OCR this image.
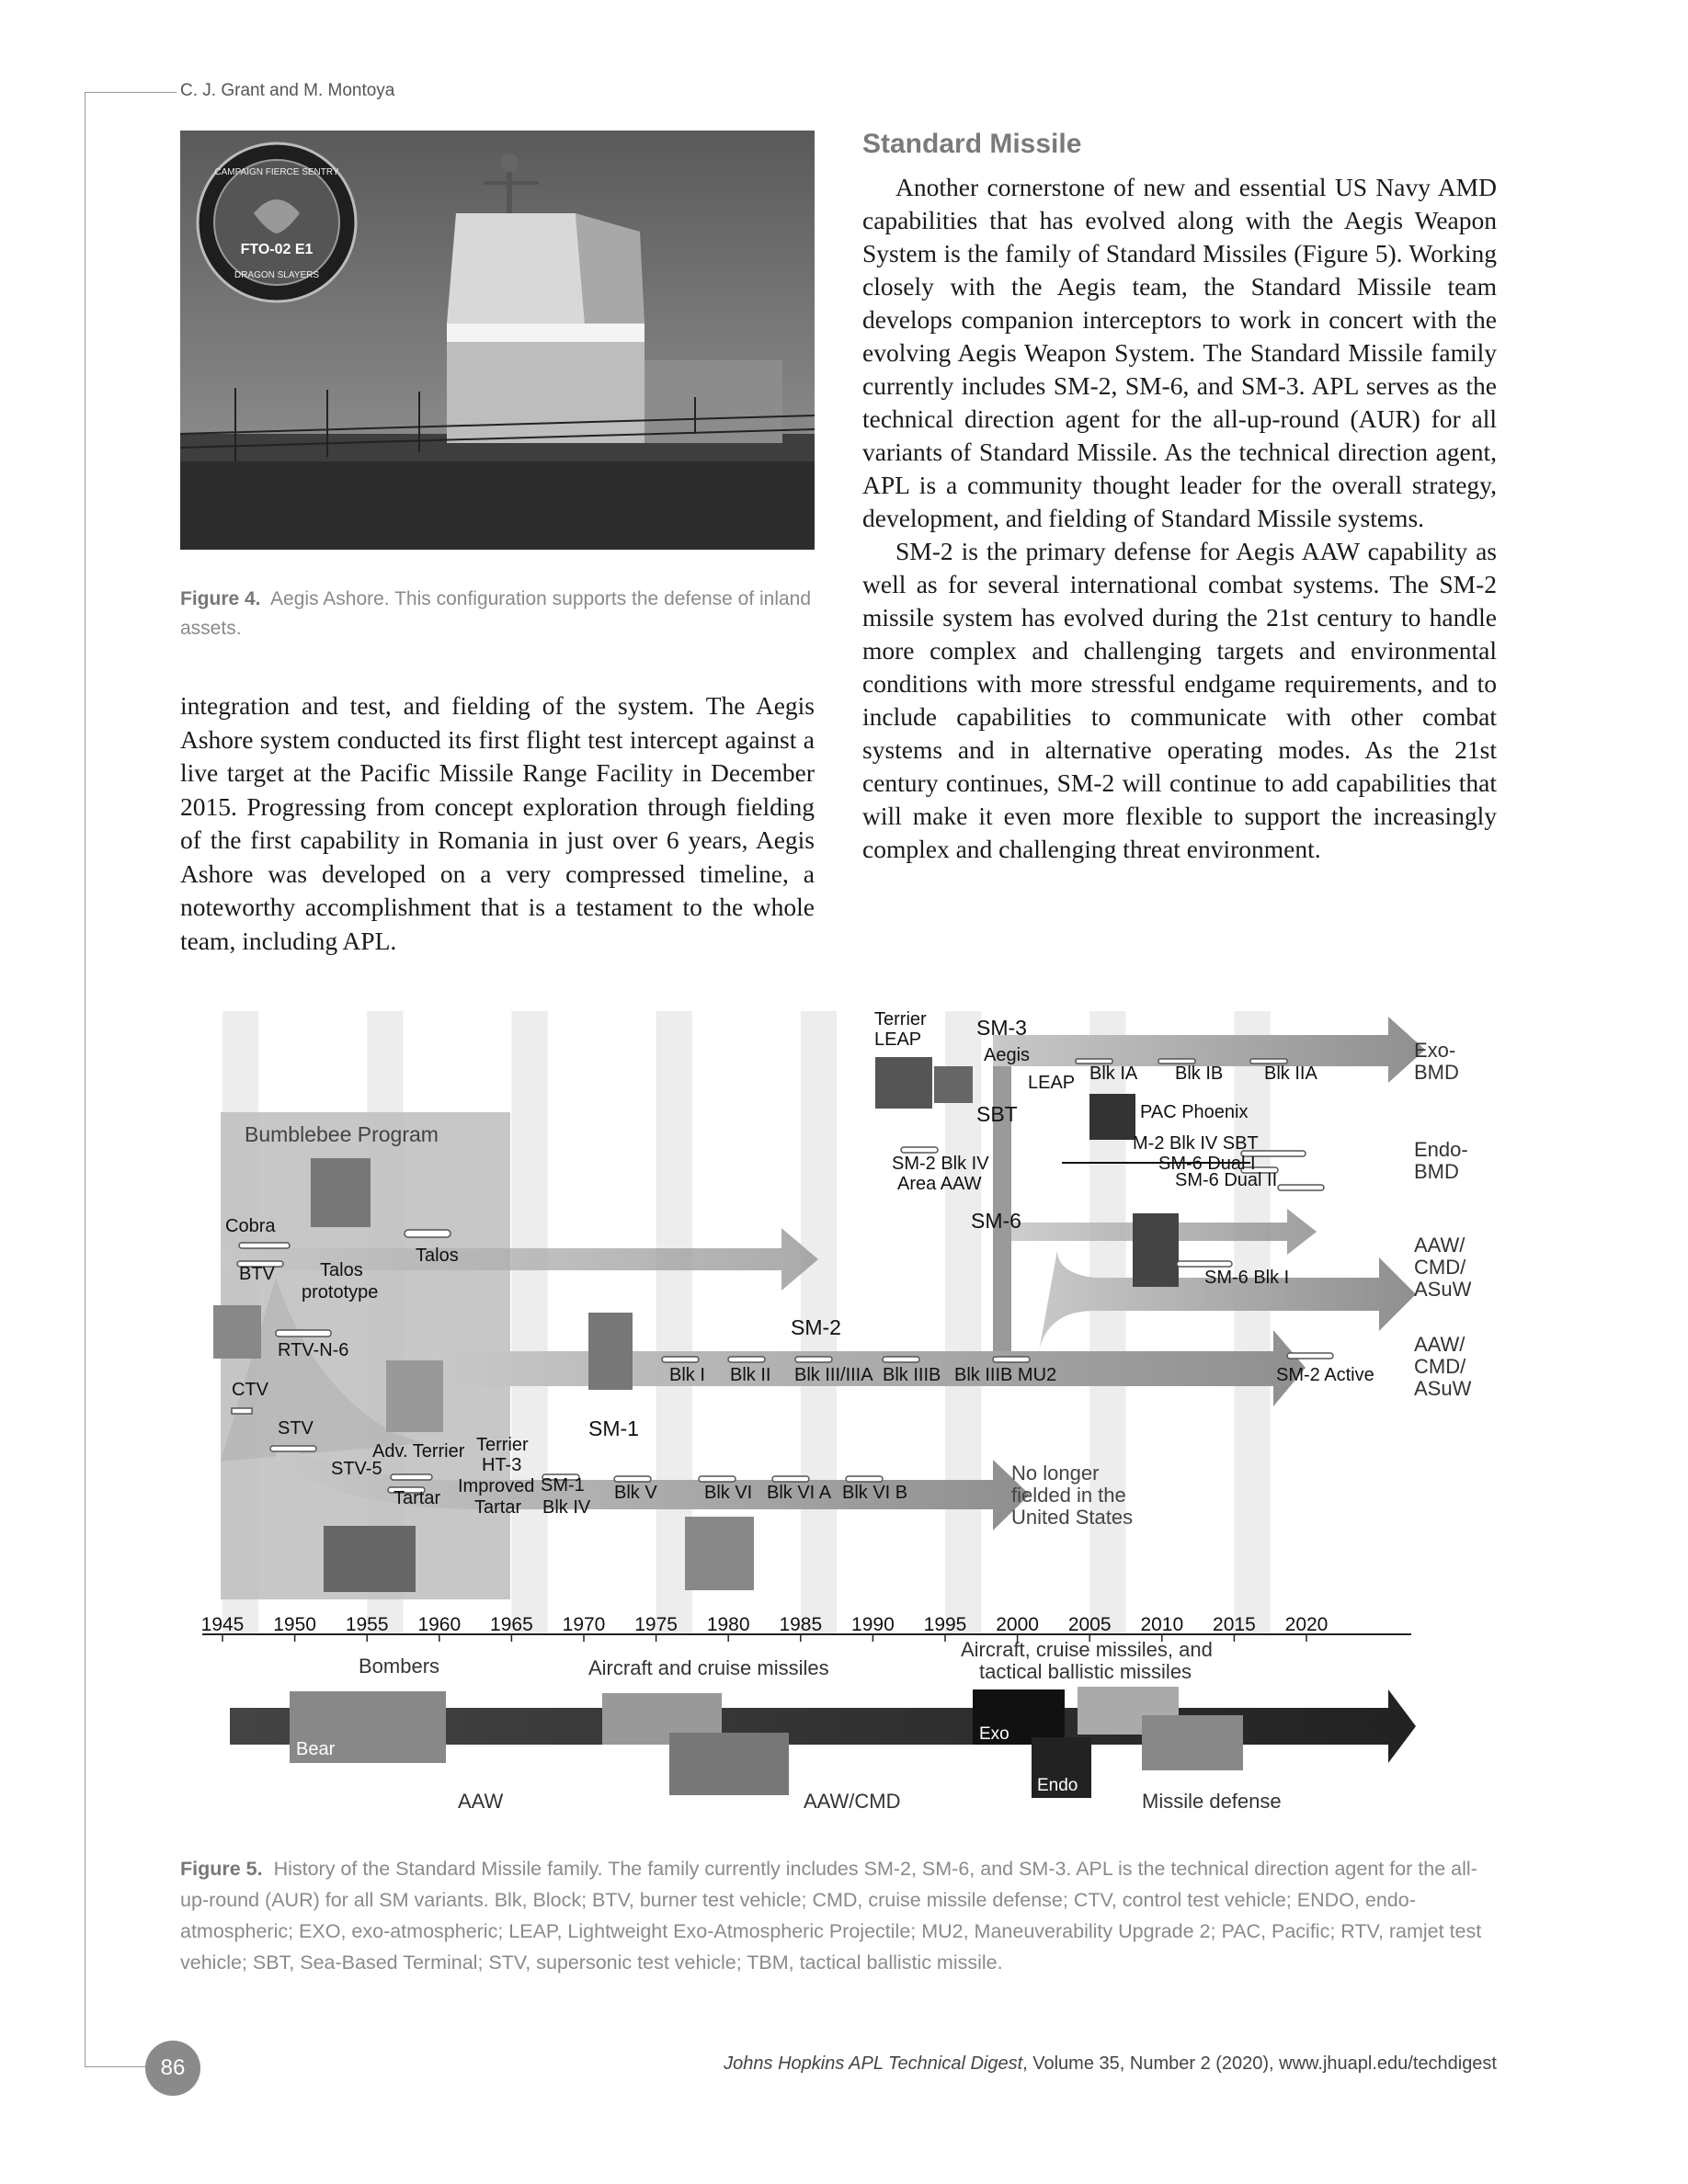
C. J. Grant and M. Montoya
CAMPAIGN FIERCE SENTRY
FTO-02 E1
DRAGON SLAYERS
Figure 4. Aegis Ashore. This configuration supports the defense of inland assets.

integration and test, and fielding of the system. The Aegis Ashore system conducted its first flight test intercept against a live target at the Pacific Missile Range Facility in December 2015. Progressing from concept exploration through fielding of the first capability in Romania in just over 6 years, Aegis Ashore was developed on a very compressed timeline, a noteworthy accomplishment that is a testament to the whole team, including APL.

Standard Missile

Another cornerstone of new and essential US Navy AMD capabilities that has evolved along with the Aegis Weapon System is the family of Standard Missiles (Figure 5). Working closely with the Aegis team, the Standard Missile team develops companion interceptors to work in concert with the evolving Aegis Weapon System. The Standard Missile family currently includes SM-2, SM-6, and SM-3. APL serves as the technical direction agent for the all-up-round (AUR) for all variants of Standard Missile. As the technical direction agent, APL is a community thought leader for the overall strategy, development, and fielding of Standard Missile systems.

SM-2 is the primary defense for Aegis AAW capability as well as for several international combat systems. The SM-2 missile system has evolved during the 21st century to handle more complex and challenging targets and environmental conditions with more stressful endgame requirements, and to include capabilities to communicate with other combat systems and in alternative operating modes. As the 21st century continues, SM-2 will continue to add capabilities that will make it even more flexible to support the increasingly complex and challenging threat environment.

Bumblebee Program
Cobra
BTV Talos
prototype
Talos
RTV-N-6
CTV
STV
STV-5
Adv. Terrier
Tartar
Terrier
HT-3
Improved
Tartar
SM-1
Blk IV
Blk V	Blk VI Blk VI A Blk VI B
Blk I Blk II Blk III/IIIA Blk IIIB Blk IIIB MU2	SM-2 Active
Terrier
LEAP
Aegis
LEAP Blk IA Blk IB Blk IIA
PAC Phoenix
M-2 Blk IV SBT
SM-6 Dual I
SM-6 Dual II
SM-2 Blk IV
Area AAW
SM-6 Blk I
SM-3
SBT
SM-6
SM-2
SM-1
No longer
fielded in the
United States
Exo-
BMD
Endo-
BMD
AAW/
CMD/
ASuW
AAW/
CMD/
ASuW
1945 1950 1955 1960 1965 1970 1975 1980 1985 1990 1995 2000 2005 2010 2015 2020
Bombers	Aircraft and cruise missiles
Aircraft, cruise missiles, and
tactical ballistic missiles
Bear
Exo
Endo
AAW	AAW/CMD	Missile defense
Figure 5. History of the Standard Missile family. The family currently includes SM-2, SM-6, and SM-3. APL is the technical direction agent for the all-up-round (AUR) for all SM variants. Blk, Block; BTV, burner test vehicle; CMD, cruise missile defense; CTV, control test vehicle; ENDO, endo-atmospheric; EXO, exo-atmospheric; LEAP, Lightweight Exo-Atmospheric Projectile; MU2, Maneuverability Upgrade 2; PAC, Pacific; RTV, ramjet test vehicle; SBT, Sea-Based Terminal; STV, supersonic test vehicle; TBM, tactical ballistic missile.
86	Johns Hopkins APL Technical Digest, Volume 35, Number 2 (2020), www.jhuapl.edu/techdigest
